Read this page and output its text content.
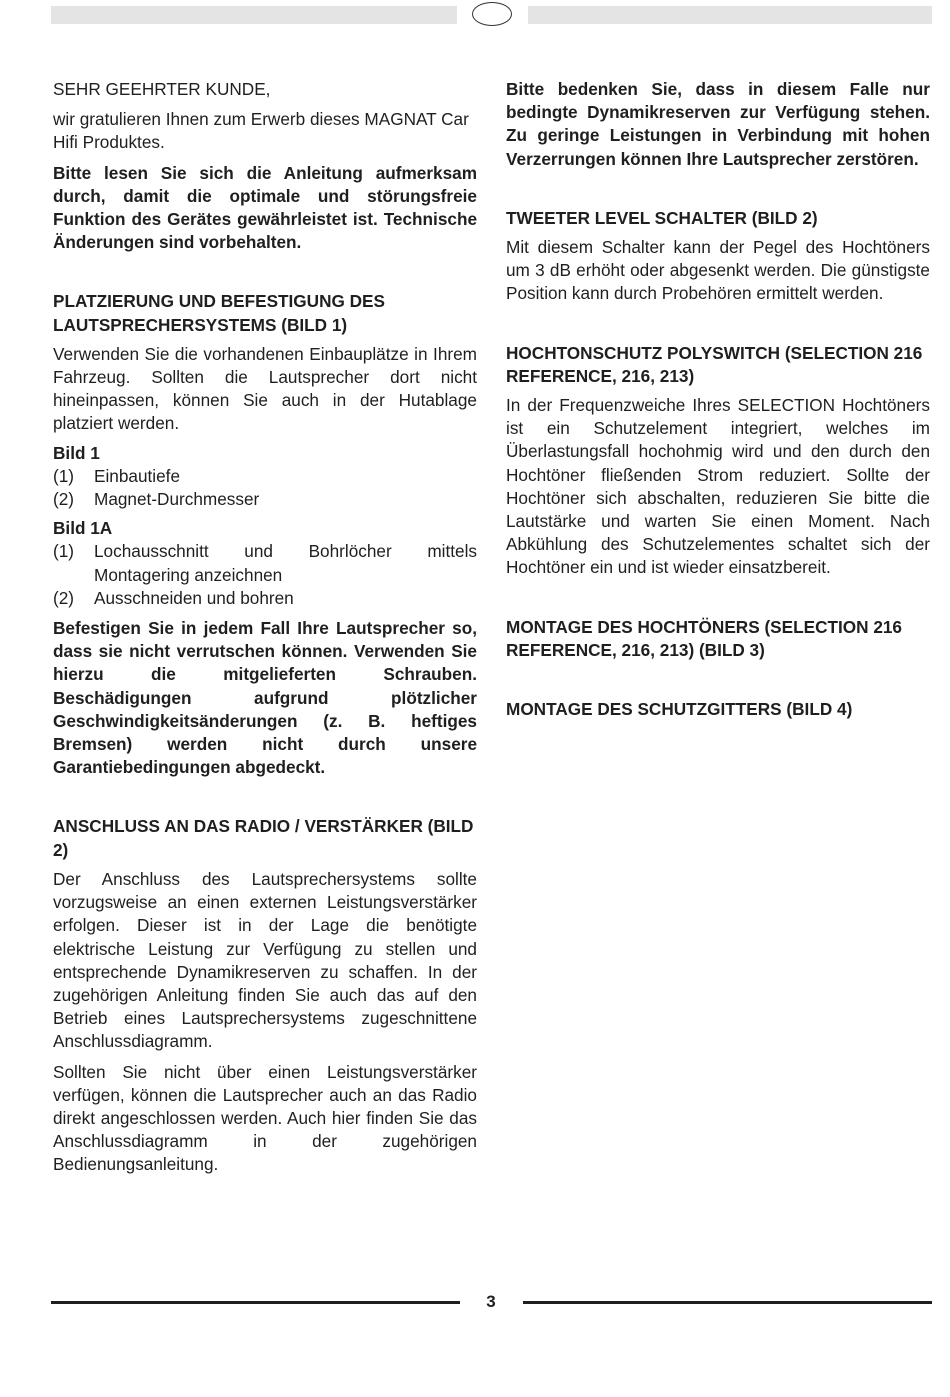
SEHR GEEHRTER KUNDE,

wir gratulieren Ihnen zum Erwerb dieses MAGNAT Car Hifi Produktes.

Bitte lesen Sie sich die Anleitung aufmerksam durch, damit die optimale und störungsfreie Funktion des Gerätes gewährleistet ist. Technische Änderungen sind vorbehalten.

PLATZIERUNG UND BEFESTIGUNG DES LAUTSPRECHERSYSTEMS (BILD 1)

Verwenden Sie die vorhandenen Einbauplätze in Ihrem Fahrzeug. Sollten die Lautsprecher dort nicht hineinpassen, können Sie auch in der Hutablage platziert werden.

Bild 1
(1)	Einbautiefe
(2)	Magnet-Durchmesser
Bild 1A
(1)	Lochausschnitt und Bohrlöcher mittels Montagering anzeichnen
(2)	Ausschneiden und bohren

Befestigen Sie in jedem Fall Ihre Lautsprecher so, dass sie nicht verrutschen können. Verwenden Sie hierzu die mitgelieferten Schrauben. Beschädigungen aufgrund plötzlicher Geschwindigkeitsänderungen (z. B. heftiges Bremsen) werden nicht durch unsere Garantiebedingungen abgedeckt.

ANSCHLUSS AN DAS RADIO / VERSTÄRKER (BILD 2)

Der Anschluss des Lautsprechersystems sollte vorzugsweise an einen externen Leistungsverstärker erfolgen. Dieser ist in der Lage die benötigte elektrische Leistung zur Verfügung zu stellen und entsprechende Dynamikreserven zu schaffen. In der zugehörigen Anleitung finden Sie auch das auf den Betrieb eines Lautsprechersystems zugeschnittene Anschlussdiagramm.

Sollten Sie nicht über einen Leistungsverstärker verfügen, können die Lautsprecher auch an das Radio direkt angeschlossen werden. Auch hier finden Sie das Anschlussdiagramm in der zugehörigen Bedienungsanleitung.

Bitte bedenken Sie, dass in diesem Falle nur bedingte Dynamikreserven zur Verfügung stehen. Zu geringe Leistungen in Verbindung mit hohen Verzerrungen können Ihre Lautsprecher zerstören.

TWEETER LEVEL SCHALTER (BILD 2)

Mit diesem Schalter kann der Pegel des Hochtöners um 3 dB erhöht oder abgesenkt werden. Die günstigste Position kann durch Probehören ermittelt werden.

HOCHTONSCHUTZ POLYSWITCH (SELECTION 216 REFERENCE, 216, 213)

In der Frequenzweiche Ihres SELECTION Hochtöners ist ein Schutzelement integriert, welches im Überlastungsfall hochohmig wird und den durch den Hochtöner fließenden Strom reduziert. Sollte der Hochtöner sich abschalten, reduzieren Sie bitte die Lautstärke und warten Sie einen Moment. Nach Abkühlung des Schutzelementes schaltet sich der Hochtöner ein und ist wieder einsatzbereit.

MONTAGE DES HOCHTÖNERS (SELECTION 216 REFERENCE, 216, 213) (BILD 3)

MONTAGE DES SCHUTZGITTERS (BILD 4)

3
